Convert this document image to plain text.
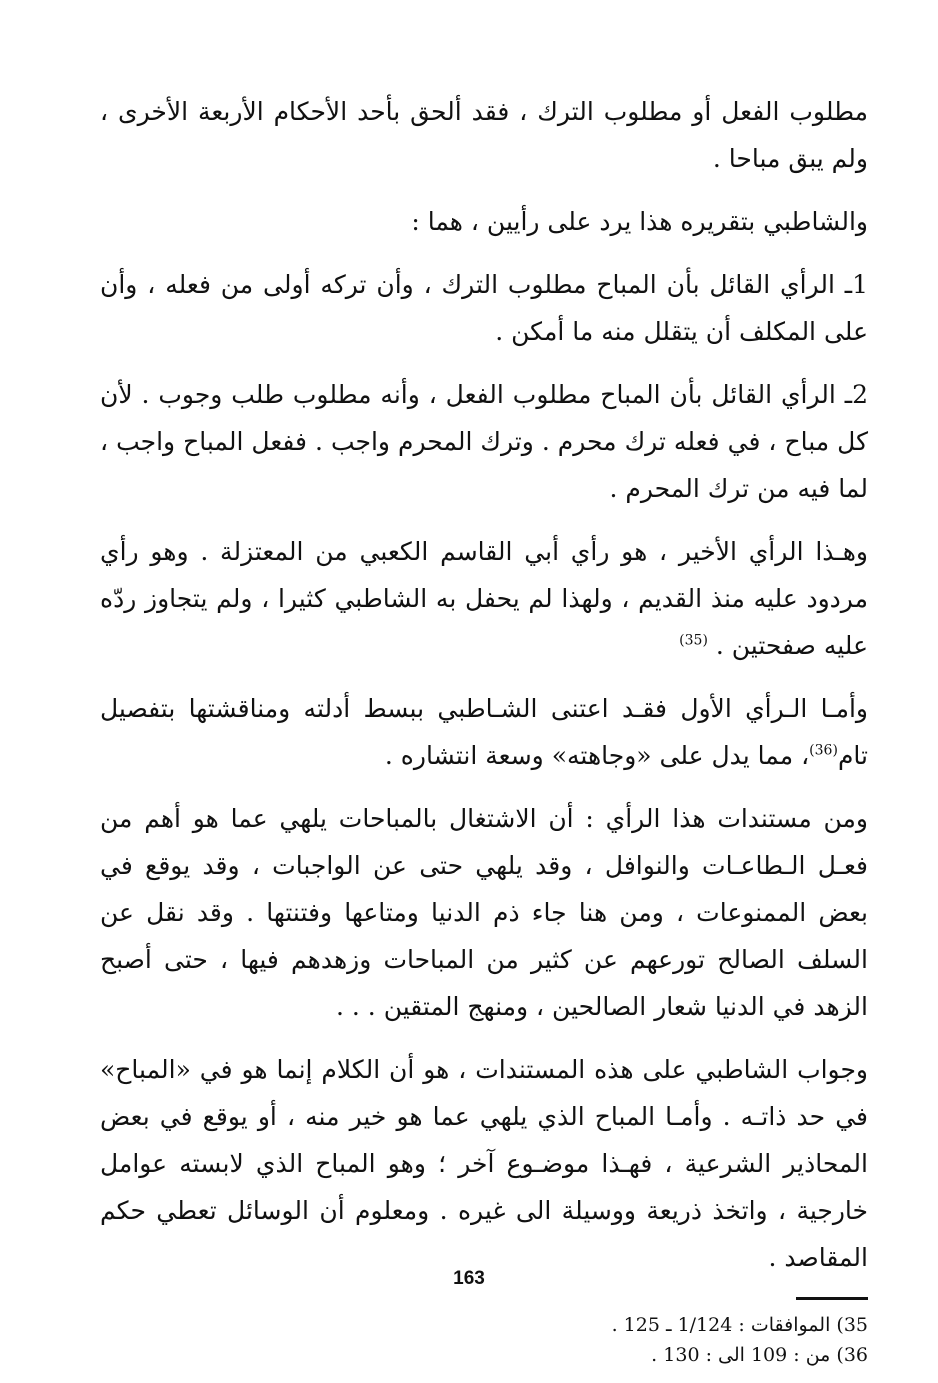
مطلوب الفعل أو مطلوب الترك ، فقد ألحق بأحد الأحكام الأربعة الأخرى ، ولم يبق مباحا .

والشاطبي بتقريره هذا يرد على رأيين ، هما :

1ـ الرأي القائل بأن المباح مطلوب الترك ، وأن تركه أولى من فعله ، وأن على المكلف أن يتقلل منه ما أمكن .

2ـ الرأي القائل بأن المباح مطلوب الفعل ، وأنه مطلوب طلب وجوب . لأن كل مباح ، في فعله ترك محرم . وترك المحرم واجب . ففعل المباح واجب ، لما فيه من ترك المحرم .

وهـذا الرأي الأخير ، هو رأي أبي القاسم الكعبي من المعتزلة . وهو رأي مردود عليه منذ القديم ، ولهذا لم يحفل به الشاطبي كثيرا ، ولم يتجاوز ردّه عليه صفحتين . $^{(35)}$

وأمـا الـرأي الأول فقـد اعتنى الشـاطبي ببسط أدلته ومناقشتها بتفصيل تام$^{(36)}$، مما يدل على «وجاهته» وسعة انتشاره .

ومن مستندات هذا الرأي : أن الاشتغال بالمباحات يلهي عما هو أهم من فعـل الـطاعـات والنوافل ، وقد يلهي حتى عن الواجبات ، وقد يوقع في بعض الممنوعات ، ومن هنا جاء ذم الدنيا ومتاعها وفتنتها . وقد نقل عن السلف الصالح تورعهم عن كثير من المباحات وزهدهم فيها ، حتى أصبح الزهد في الدنيا شعار الصالحين ، ومنهج المتقين . . .

وجواب الشاطبي على هذه المستندات ، هو أن الكلام إنما هو في «المباح» في حد ذاتـه . وأمـا المباح الذي يلهي عما هو خير منه ، أو يوقع في بعض المحاذير الشرعية ، فهـذا موضـوع آخر ؛ وهو المباح الذي لابسته عوامل خارجية ، واتخذ ذريعة ووسيلة الى غيره . ومعلوم أن الوسائل تعطي حكم المقاصد .

35) الموافقات : 1/124 ـ 125 .

36) من : 109 الى : 130 .

163
